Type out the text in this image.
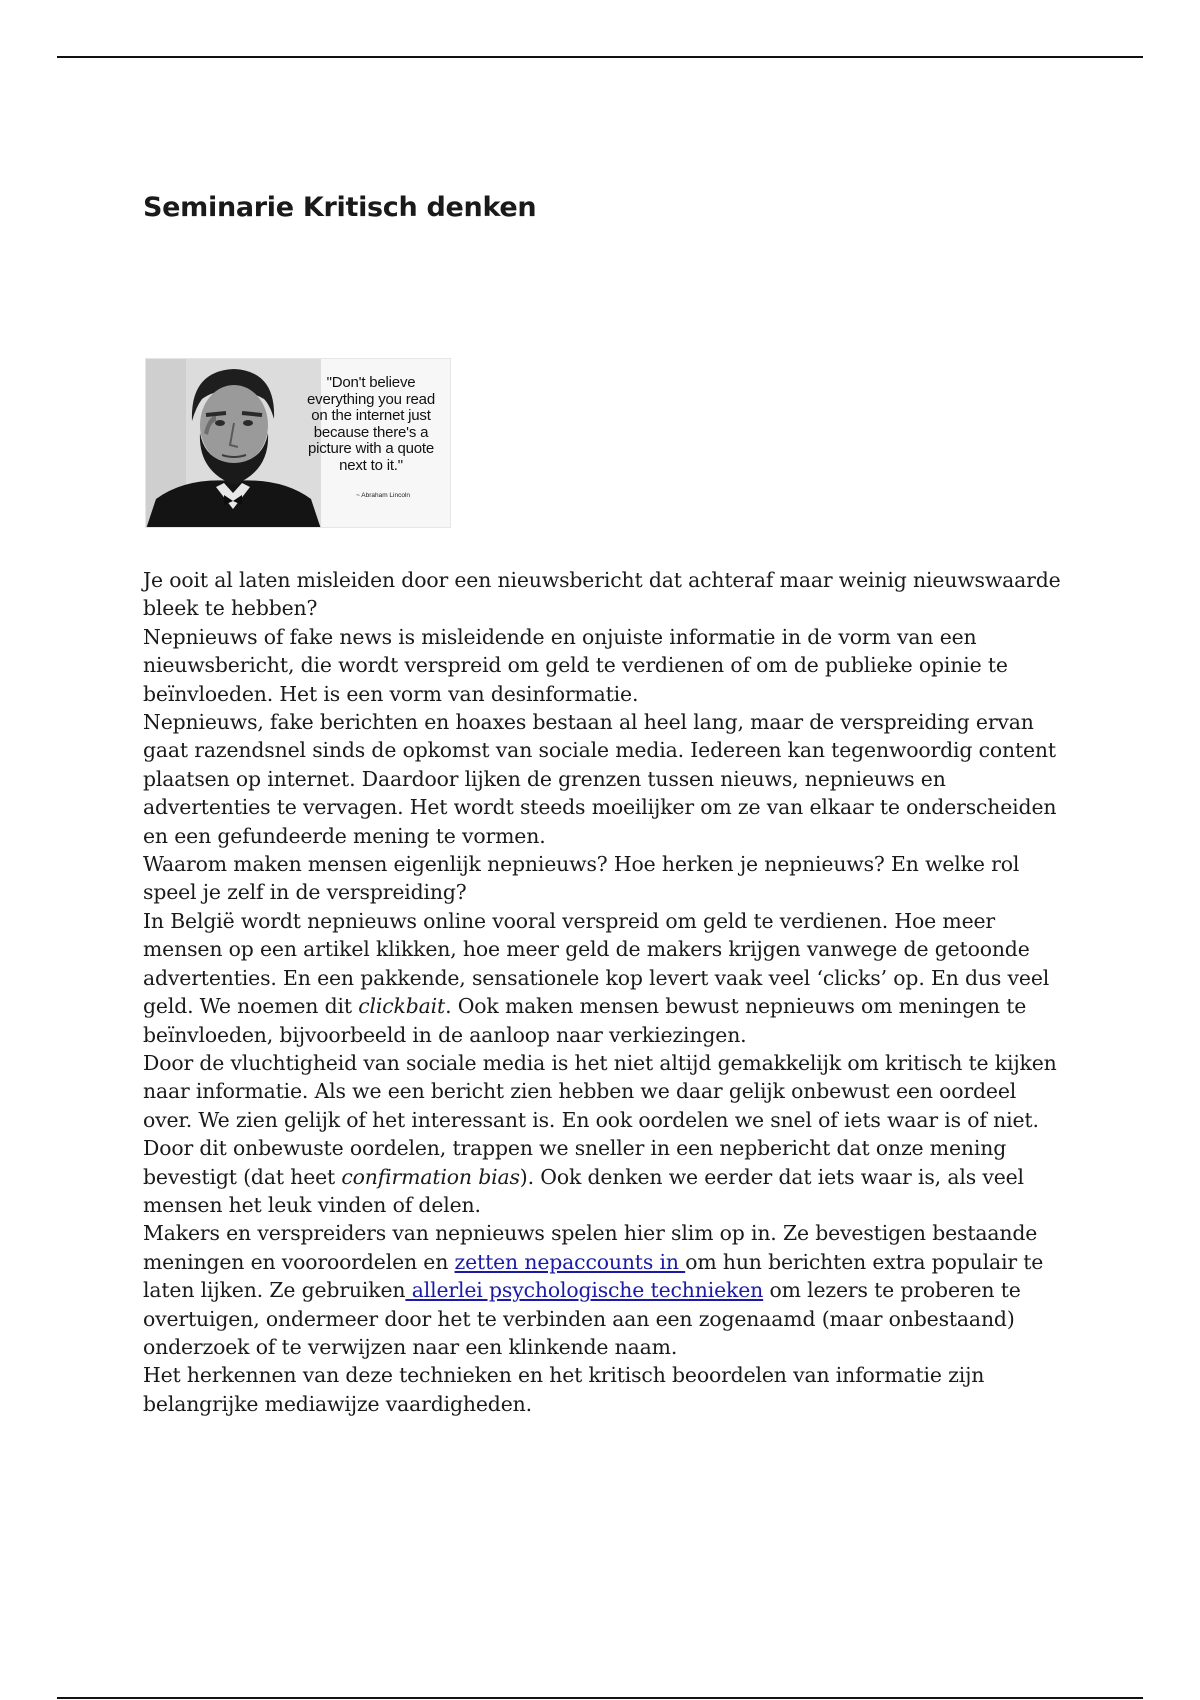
Seminarie Kritisch denken

"Don't believe everything you read on the internet just because there's a picture with a quote next to it."

~ Abraham Lincoln

Je ooit al laten misleiden door een nieuwsbericht dat achteraf maar weinig nieuwswaarde bleek te hebben?

Nepnieuws of fake news is misleidende en onjuiste informatie in de vorm van een nieuwsbericht, die wordt verspreid om geld te verdienen of om de publieke opinie te beïnvloeden. Het is een vorm van desinformatie.

Nepnieuws, fake berichten en hoaxes bestaan al heel lang, maar de verspreiding ervan gaat razendsnel sinds de opkomst van sociale media. Iedereen kan tegenwoordig content plaatsen op internet. Daardoor lijken de grenzen tussen nieuws, nepnieuws en advertenties te vervagen. Het wordt steeds moeilijker om ze van elkaar te onderscheiden en een gefundeerde mening te vormen.

Waarom maken mensen eigenlijk nepnieuws? Hoe herken je nepnieuws? En welke rol speel je zelf in de verspreiding?

In België wordt nepnieuws online vooral verspreid om geld te verdienen. Hoe meer mensen op een artikel klikken, hoe meer geld de makers krijgen vanwege de getoonde advertenties. En een pakkende, sensationele kop levert vaak veel ‘clicks’ op. En dus veel geld. We noemen dit clickbait. Ook maken mensen bewust nepnieuws om meningen te beïnvloeden, bijvoorbeeld in de aanloop naar verkiezingen.

Door de vluchtigheid van sociale media is het niet altijd gemakkelijk om kritisch te kijken naar informatie. Als we een bericht zien hebben we daar gelijk onbewust een oordeel over. We zien gelijk of het interessant is. En ook oordelen we snel of iets waar is of niet.

Door dit onbewuste oordelen, trappen we sneller in een nepbericht dat onze mening bevestigt (dat heet confirmation bias). Ook denken we eerder dat iets waar is, als veel mensen het leuk vinden of delen.

Makers en verspreiders van nepnieuws spelen hier slim op in. Ze bevestigen bestaande meningen en vooroordelen en zetten nepaccounts in om hun berichten extra populair te laten lijken. Ze gebruiken allerlei psychologische technieken om lezers te proberen te overtuigen, ondermeer door het te verbinden aan een zogenaamd (maar onbestaand) onderzoek of te verwijzen naar een klinkende naam.

Het herkennen van deze technieken en het kritisch beoordelen van informatie zijn belangrijke mediawijze vaardigheden.
